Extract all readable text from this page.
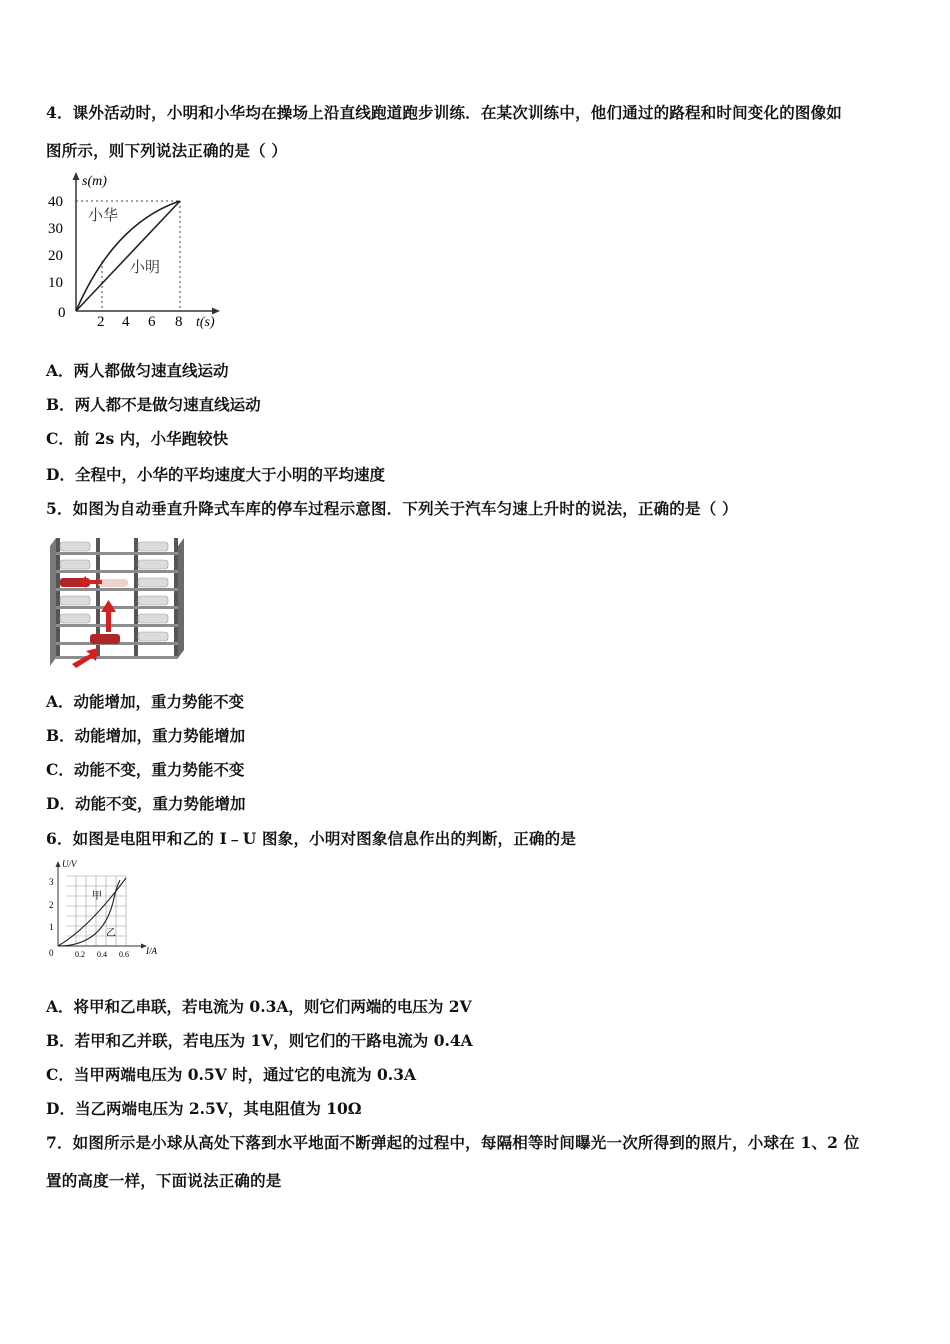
4．课外活动时，小明和小华均在操场上沿直线跑道跑步训练．在某次训练中，他们通过的路程和时间变化的图像如
图所示，则下列说法正确的是（ ）
40
30
20
10
0
2 4 6 8
s(m)
t(s)
小华
小明
A．两人都做匀速直线运动
B．两人都不是做匀速直线运动
C．前 2s 内，小华跑较快
D．全程中，小华的平均速度大于小明的平均速度
5．如图为自动垂直升降式车库的停车过程示意图．下列关于汽车匀速上升时的说法，正确的是（ ）
A．动能增加，重力势能不变
B．动能增加，重力势能增加
C．动能不变，重力势能不变
D．动能不变，重力势能增加
6．如图是电阻甲和乙的 I﹣U 图象，小明对图象信息作出的判断，正确的是
U/V
I/A
3
2
1
0	0.2 0.4 0.6
甲
乙
A．将甲和乙串联，若电流为 0.3A，则它们两端的电压为 2V
B．若甲和乙并联，若电压为 1V，则它们的干路电流为 0.4A
C．当甲两端电压为 0.5V 时，通过它的电流为 0.3A
D．当乙两端电压为 2.5V，其电阻值为 10Ω
7．如图所示是小球从高处下落到水平地面不断弹起的过程中，每隔相等时间曝光一次所得到的照片，小球在 1、2 位
置的高度一样，下面说法正确的是
